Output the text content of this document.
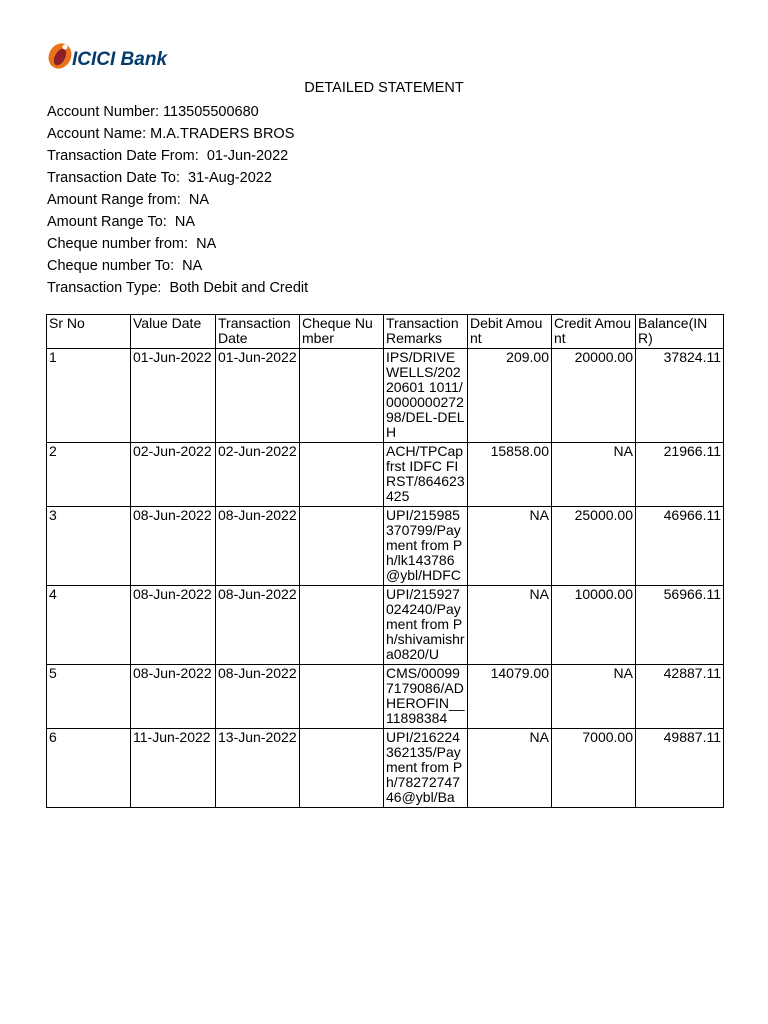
ICICI Bank
DETAILED STATEMENT
Account Number: 113505500680
Account Name: M.A.TRADERS BROS
Transaction Date From:  01-Jun-2022
Transaction Date To:  31-Aug-2022
Amount Range from:  NA
Amount Range To:  NA
Cheque number from:  NA
Cheque number To:  NA
Transaction Type:  Both Debit and Credit
Sr No	Value Date	Transaction Date	Cheque Number	Transaction Remarks	Debit Amount	Credit Amount	Balance(INR)
1	01-Jun-2022	01-Jun-2022		IPS/DRIVEWELLS/20220601 1011/000000027298/DEL-DELH	209.00	20000.00	37824.11
2	02-Jun-2022	02-Jun-2022		ACH/TPCapfrst IDFC FIRST/864623425	15858.00	NA	21966.11
3	08-Jun-2022	08-Jun-2022		UPI/215985370799/Payment from Ph/lk143786@ybl/HDFC	NA	25000.00	46966.11
4	08-Jun-2022	08-Jun-2022		UPI/215927024240/Payment from Ph/shivamishra0820/U	NA	10000.00	56966.11
5	08-Jun-2022	08-Jun-2022		CMS/000997179086/ADHEROFIN__11898384	14079.00	NA	42887.11
6	11-Jun-2022	13-Jun-2022		UPI/216224362135/Payment from Ph/7827274746@ybl/Ba	NA	7000.00	49887.11
